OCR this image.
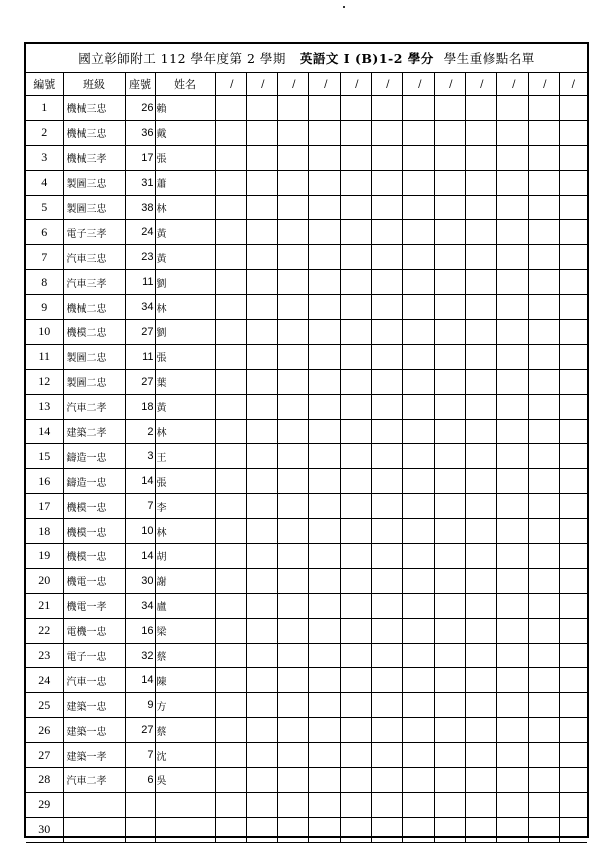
國立彰師附工 112 學年度第 2 學期 英語文 I (B)1-2 學分 學生重修點名單
編號	班級	座號	姓名	/	/	/	/	/	/	/	/	/	/	/	/
1	機械三忠	26	賴												

2	機械三忠	36	戴												

3	機械三孝	17	張												

4	製圖三忠	31	蕭												

5	製圖三忠	38	林												

6	電子三孝	24	黃												

7	汽車三忠	23	黃												

8	汽車三孝	11	劉												

9	機械二忠	34	林												

10	機模二忠	27	劉												

11	製圖二忠	11	張												

12	製圖二忠	27	葉												

13	汽車二孝	18	黃												

14	建築二孝	2	林												

15	鑄造一忠	3	王												

16	鑄造一忠	14	張												

17	機模一忠	7	李												

18	機模一忠	10	林												

19	機模一忠	14	胡												

20	機電一忠	30	謝												

21	機電一孝	34	盧												

22	電機一忠	16	梁												

23	電子一忠	32	蔡												

24	汽車一忠	14	陳												

25	建築一忠	9	方												

26	建築一忠	27	蔡												

27	建築一孝	7	沈												

28	汽車二孝	6	吳												

29			

30			
